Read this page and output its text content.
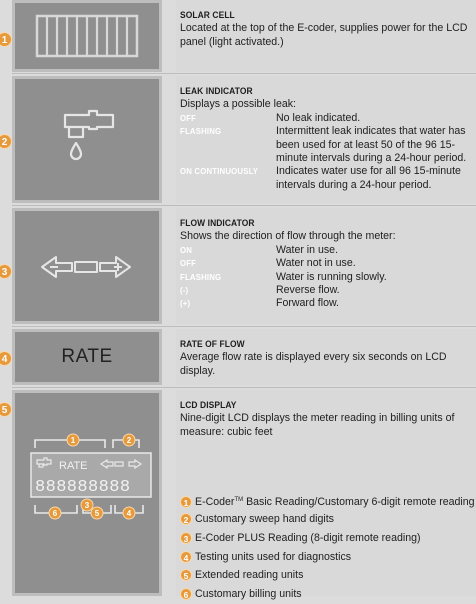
1
SOLAR CELL
Located at the top of the E-coder, supplies power for the LCD panel (light activated.)
2
LEAK INDICATOR
Displays a possible leak:
OFF	No leak indicated.
FLASHING	Intermittent leak indicates that water has been used for at least 50 of the 96 15-minute intervals during a 24-hour period.
ON CONTINUOUSLY	Indicates water use for all 96 15-minute intervals during a 24-hour period.
3
FLOW INDICATOR
Shows the direction of flow through the meter:
ON	Water in use.
OFF	Water not in use.
FLASHING	Water is running slowly.
(-)	Reverse flow.
(+)	Forward flow.
RATE
4
RATE OF FLOW
Average flow rate is displayed every six seconds on LCD display.
RATE
888888888
1	2
3
4
5
6
5
LCD DISPLAY
Nine-digit LCD displays the meter reading in billing units of measure: cubic feet
1 E-Coder™ Basic Reading/Customary 6-digit remote reading
2 Customary sweep hand digits
3 E-Coder PLUS Reading (8-digit remote reading)
4 Testing units used for diagnostics
5 Extended reading units
6 Customary billing units
